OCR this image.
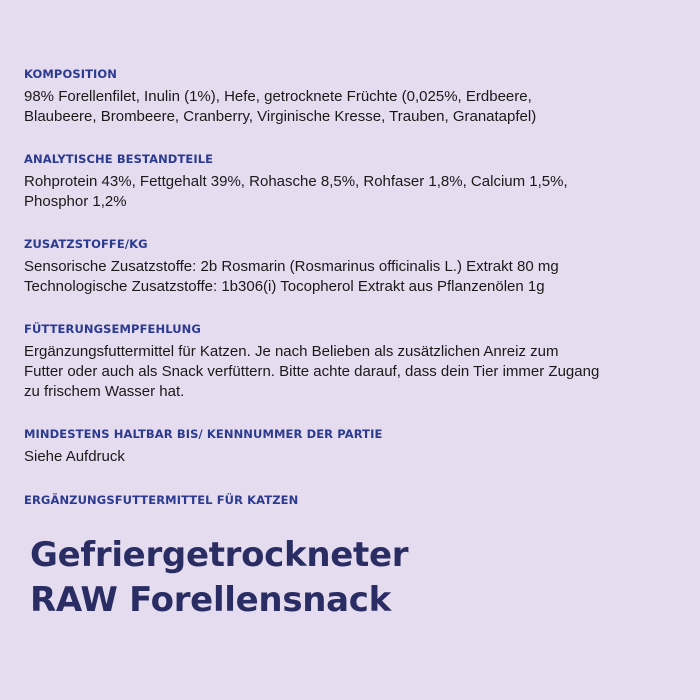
KOMPOSITION

98% Forellenfilet, Inulin (1%), Hefe, getrocknete Früchte (0,025%, Erdbeere,
Blaubeere, Brombeere, Cranberry, Virginische Kresse, Trauben, Granatapfel)

ANALYTISCHE BESTANDTEILE

Rohprotein 43%, Fettgehalt 39%, Rohasche 8,5%, Rohfaser 1,8%, Calcium 1,5%,
Phosphor 1,2%

ZUSATZSTOFFE/KG

Sensorische Zusatzstoffe: 2b Rosmarin (Rosmarinus officinalis L.) Extrakt 80 mg
Technologische Zusatzstoffe: 1b306(i) Tocopherol Extrakt aus Pflanzenölen 1g

FÜTTERUNGSEMPFEHLUNG

Ergänzungsfuttermittel für Katzen. Je nach Belieben als zusätzlichen Anreiz zum
Futter oder auch als Snack verfüttern. Bitte achte darauf, dass dein Tier immer Zugang
zu frischem Wasser hat.

MINDESTENS HALTBAR BIS/ KENNNUMMER DER PARTIE

Siehe Aufdruck

ERGÄNZUNGSFUTTERMITTEL FÜR KATZEN
Gefriergetrockneter
RAW Forellensnack
